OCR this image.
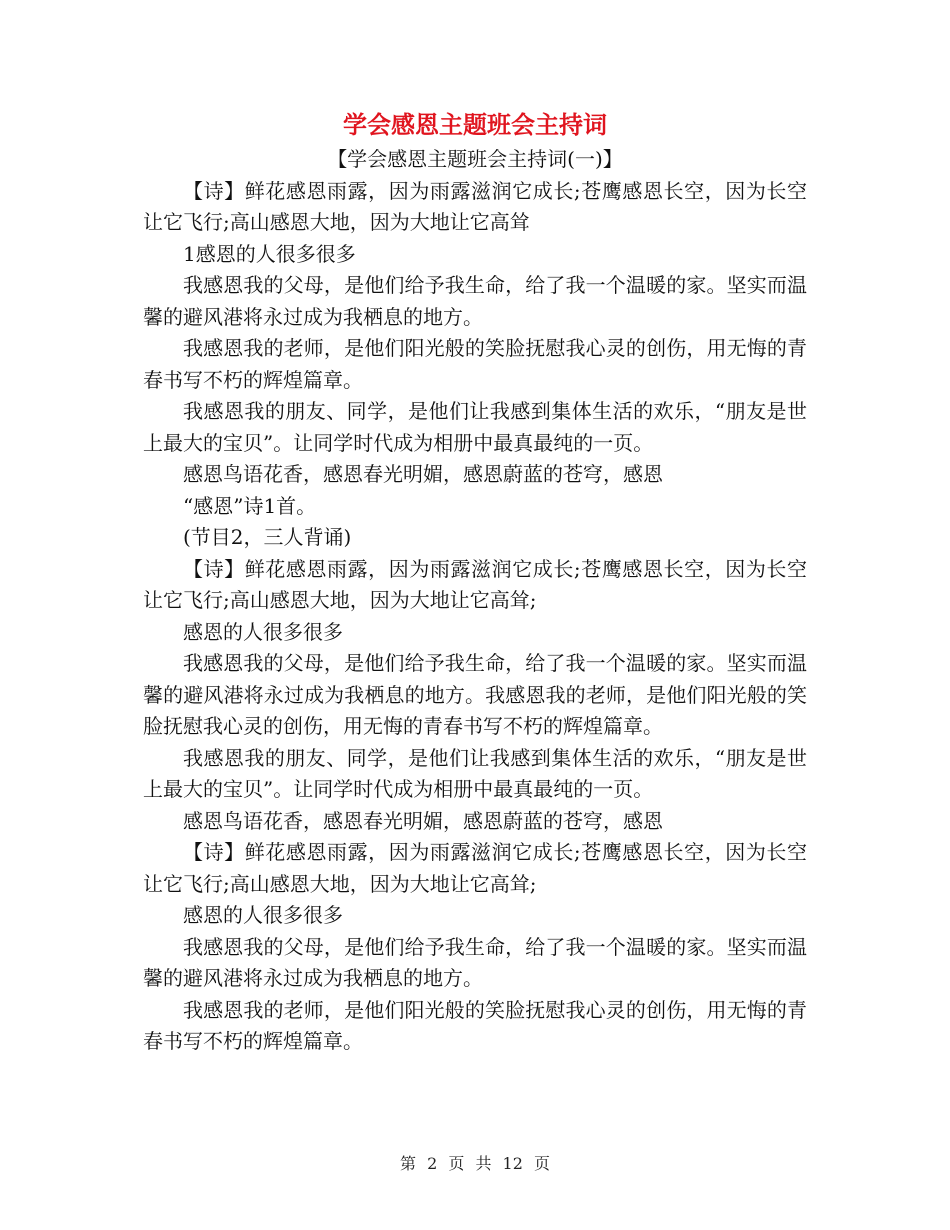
学会感恩主题班会主持词

【学会感恩主题班会主持词(一)】

【诗】鲜花感恩雨露，因为雨露滋润它成长;苍鹰感恩长空，因为长空让它飞行;高山感恩大地，因为大地让它高耸

1感恩的人很多很多

我感恩我的父母，是他们给予我生命，给了我一个温暖的家。坚实而温馨的避风港将永过成为我栖息的地方。

我感恩我的老师，是他们阳光般的笑脸抚慰我心灵的创伤，用无悔的青春书写不朽的辉煌篇章。

我感恩我的朋友、同学，是他们让我感到集体生活的欢乐，“朋友是世上最大的宝贝”。让同学时代成为相册中最真最纯的一页。

感恩鸟语花香，感恩春光明媚，感恩蔚蓝的苍穹，感恩

“感恩”诗1首。

(节目2，三人背诵)

【诗】鲜花感恩雨露，因为雨露滋润它成长;苍鹰感恩长空，因为长空让它飞行;高山感恩大地，因为大地让它高耸;

感恩的人很多很多

我感恩我的父母，是他们给予我生命，给了我一个温暖的家。坚实而温馨的避风港将永过成为我栖息的地方。我感恩我的老师，是他们阳光般的笑脸抚慰我心灵的创伤，用无悔的青春书写不朽的辉煌篇章。

我感恩我的朋友、同学，是他们让我感到集体生活的欢乐，“朋友是世上最大的宝贝”。让同学时代成为相册中最真最纯的一页。

感恩鸟语花香，感恩春光明媚，感恩蔚蓝的苍穹，感恩

【诗】鲜花感恩雨露，因为雨露滋润它成长;苍鹰感恩长空，因为长空让它飞行;高山感恩大地，因为大地让它高耸;

感恩的人很多很多

我感恩我的父母，是他们给予我生命，给了我一个温暖的家。坚实而温馨的避风港将永过成为我栖息的地方。

我感恩我的老师，是他们阳光般的笑脸抚慰我心灵的创伤，用无悔的青春书写不朽的辉煌篇章。

第 2 页 共 12 页
